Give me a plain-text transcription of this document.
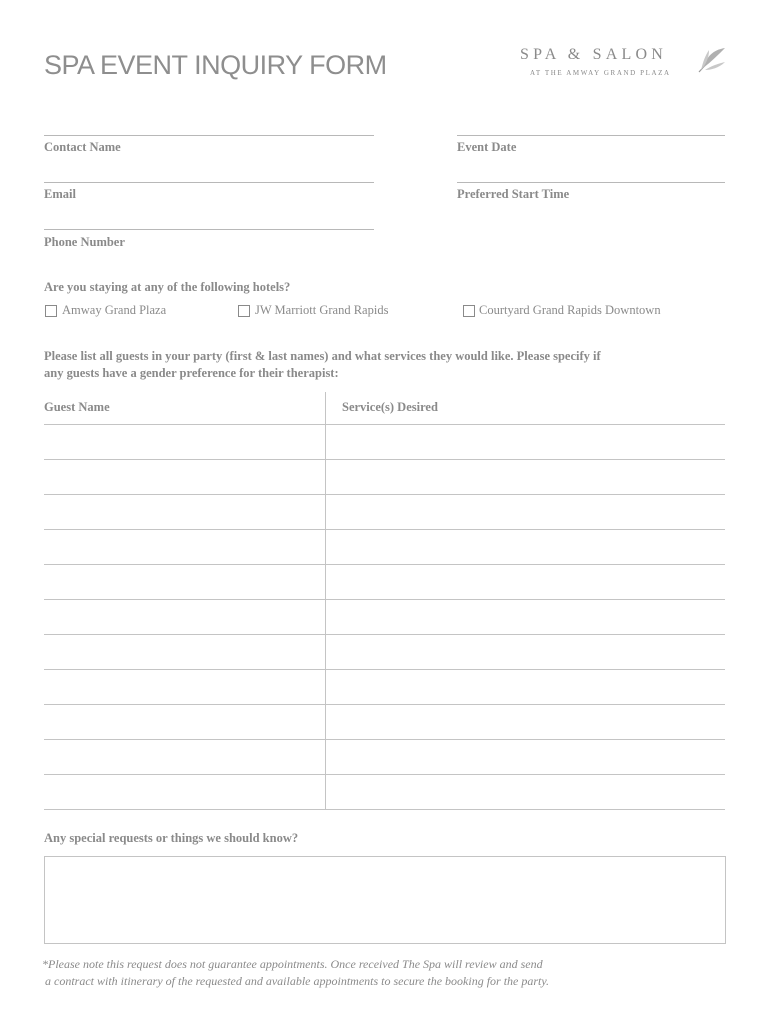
SPA EVENT INQUIRY FORM	SPA & SALON
AT THE AMWAY GRAND PLAZA
Contact Name
Email
Phone Number
Event Date
Preferred Start Time
Are you staying at any of the following hotels?
Amway Grand Plaza	JW Marriott Grand Rapids	Courtyard Grand Rapids Downtown
Please list all guests in your party (first & last names) and what services they would like. Please specify if
any guests have a gender preference for their therapist:
Guest Name	Service(s) Desired
Any special requests or things we should know?
*Please note this request does not guarantee appointments. Once received The Spa will review and send
a contract with itinerary of the requested and available appointments to secure the booking for the party.
